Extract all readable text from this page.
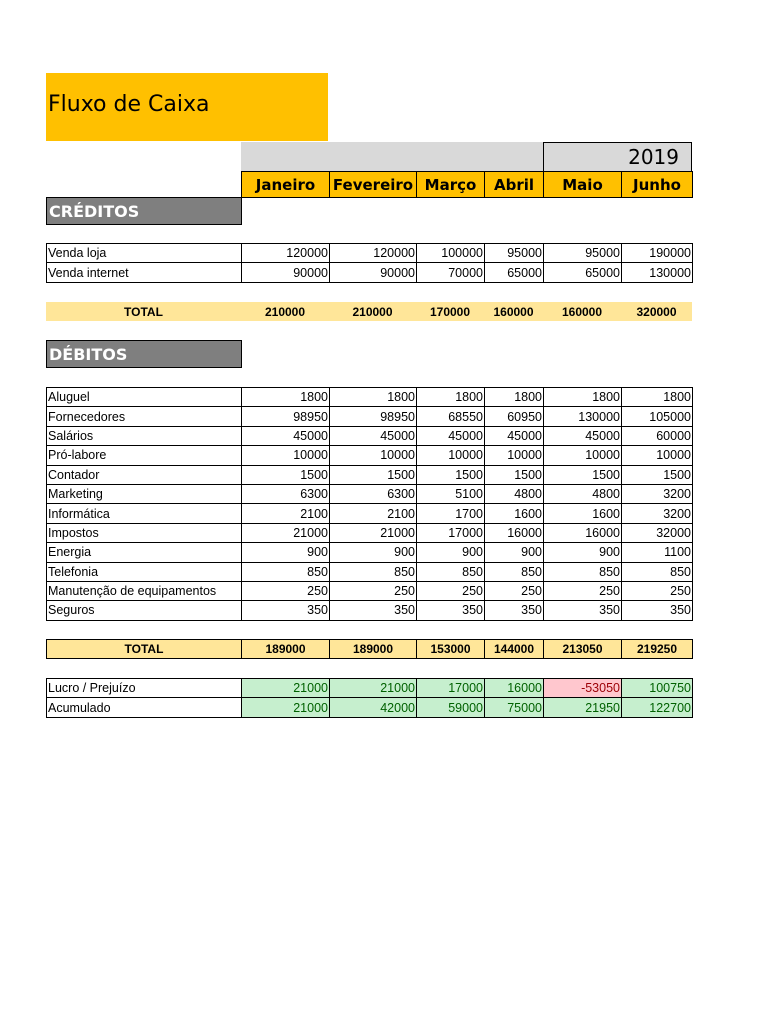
Fluxo de Caixa
2019
Janeiro	Fevereiro	Março	Abril	Maio	Junho
CRÉDITOS
Venda loja	120000	120000	100000	95000	95000	190000
Venda internet	90000	90000	70000	65000	65000	130000
TOTAL	210000	210000	170000	160000	160000	320000
DÉBITOS
Aluguel	1800	1800	1800	1800	1800	1800
Fornecedores	98950	98950	68550	60950	130000	105000
Salários	45000	45000	45000	45000	45000	60000
Pró-labore	10000	10000	10000	10000	10000	10000
Contador	1500	1500	1500	1500	1500	1500
Marketing	6300	6300	5100	4800	4800	3200
Informática	2100	2100	1700	1600	1600	3200
Impostos	21000	21000	17000	16000	16000	32000
Energia	900	900	900	900	900	1100
Telefonia	850	850	850	850	850	850
Manutenção de equipamentos	250	250	250	250	250	250
Seguros	350	350	350	350	350	350
TOTAL	189000	189000	153000	144000	213050	219250
Lucro / Prejuízo	21000	21000	17000	16000	-53050	100750
Acumulado	21000	42000	59000	75000	21950	122700
